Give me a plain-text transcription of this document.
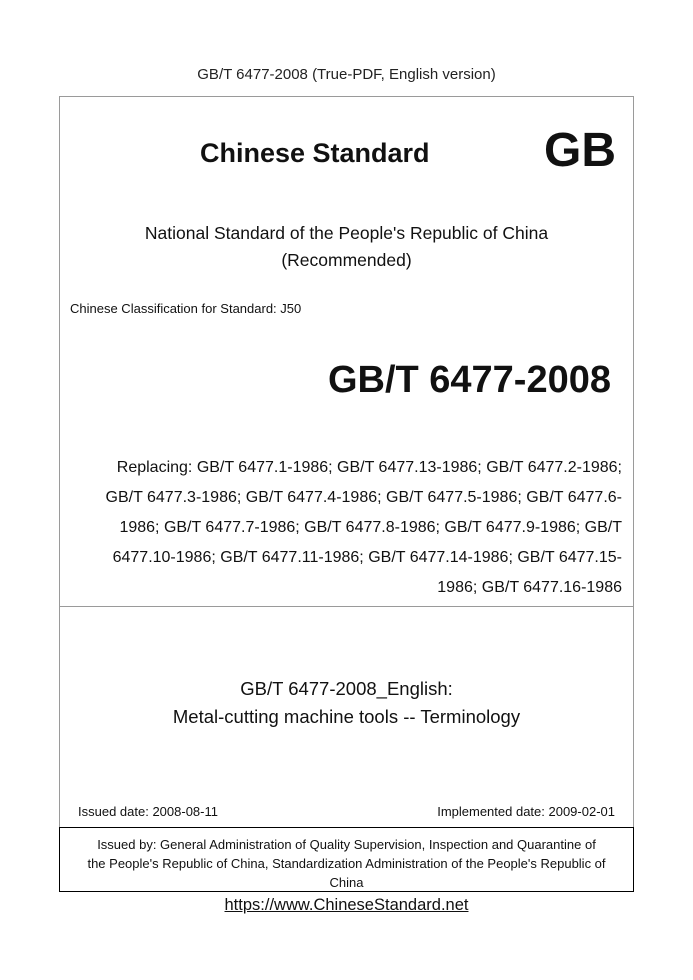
GB/T 6477-2008 (True-PDF, English version)
Chinese Standard GB
National Standard of the People's Republic of China
(Recommended)
Chinese Classification for Standard: J50
GB/T 6477-2008
Replacing: GB/T 6477.1-1986; GB/T 6477.13-1986; GB/T 6477.2-1986;
GB/T 6477.3-1986; GB/T 6477.4-1986; GB/T 6477.5-1986; GB/T 6477.6-
1986; GB/T 6477.7-1986; GB/T 6477.8-1986; GB/T 6477.9-1986; GB/T
6477.10-1986; GB/T 6477.11-1986; GB/T 6477.14-1986; GB/T 6477.15-
1986; GB/T 6477.16-1986
GB/T 6477-2008_English:
Metal-cutting machine tools -- Terminology
Issued date: 2008-08-11	Implemented date: 2009-02-01
Issued by: General Administration of Quality Supervision, Inspection and Quarantine of
the People's Republic of China, Standardization Administration of the People's Republic of
China
https://www.ChineseStandard.net
